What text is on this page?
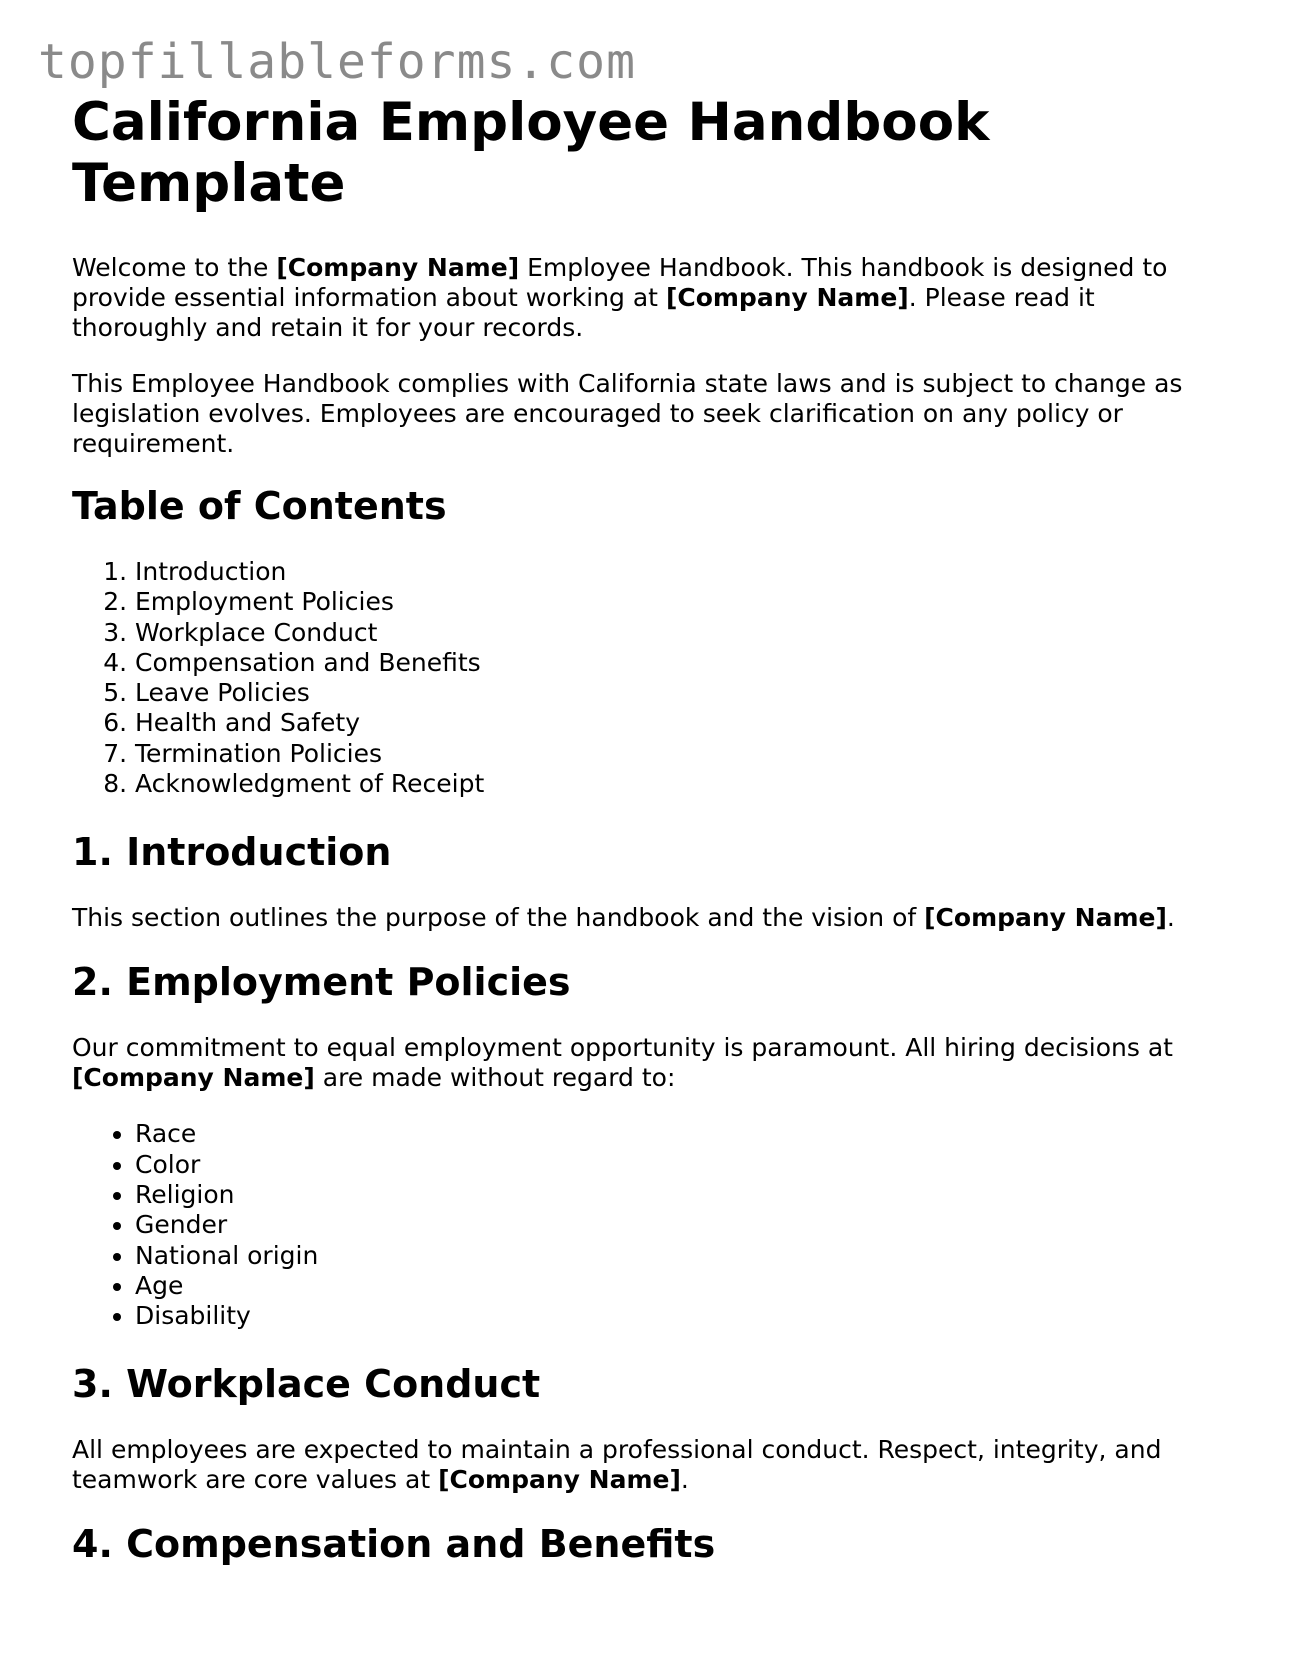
topfillableforms.com
California Employee Handbook Template

Welcome to the [Company Name] Employee Handbook. This handbook is designed to provide essential information about working at [Company Name]. Please read it thoroughly and retain it for your records.

This Employee Handbook complies with California state laws and is subject to change as legislation evolves. Employees are encouraged to seek clarification on any policy or requirement.

Table of Contents
1. Introduction
2. Employment Policies
3. Workplace Conduct
4. Compensation and Benefits
5. Leave Policies
6. Health and Safety
7. Termination Policies
8. Acknowledgment of Receipt
1. Introduction

This section outlines the purpose of the handbook and the vision of [Company Name].

2. Employment Policies

Our commitment to equal employment opportunity is paramount. All hiring decisions at [Company Name] are made without regard to:

• Race
• Color
• Religion
• Gender
• National origin
• Age
• Disability
3. Workplace Conduct

All employees are expected to maintain a professional conduct. Respect, integrity, and teamwork are core values at [Company Name].

4. Compensation and Benefits
